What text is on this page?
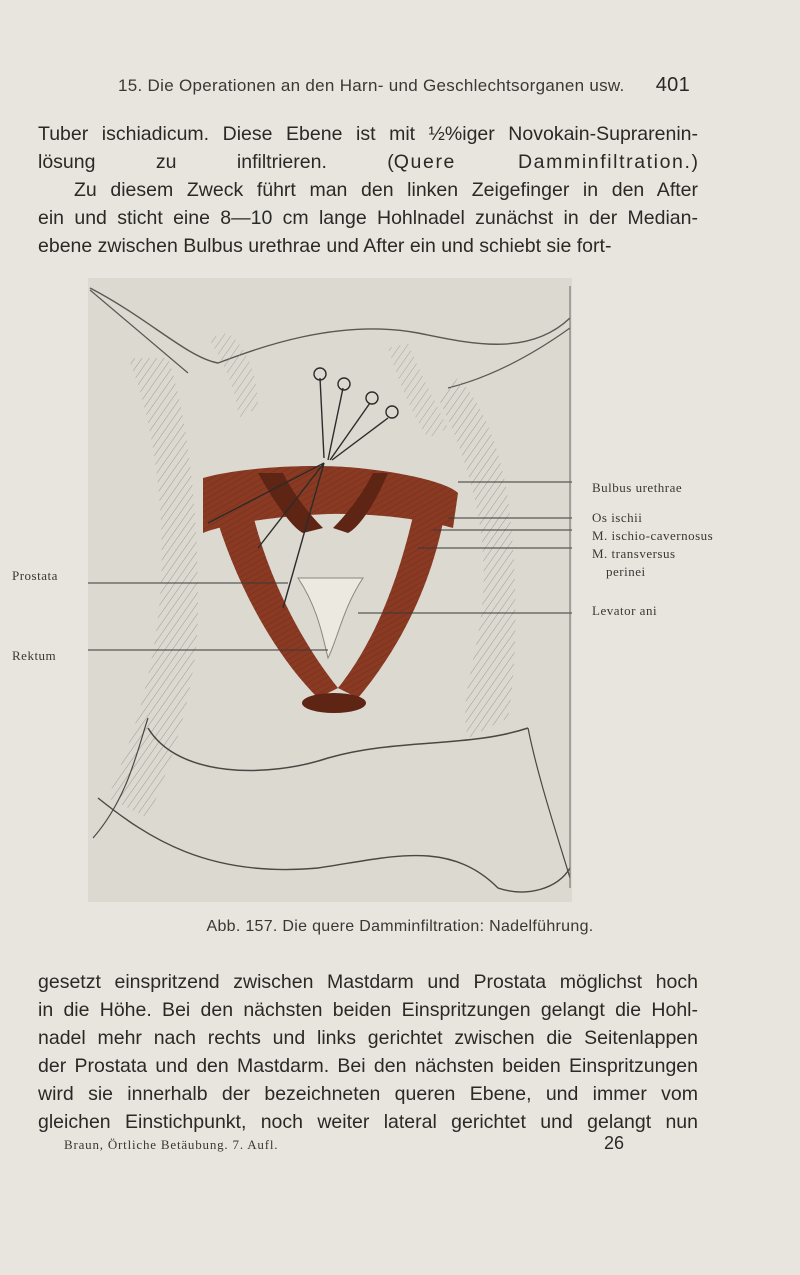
15. Die Operationen an den Harn- und Geschlechtsorganen usw. 401

Tuber ischiadicum. Diese Ebene ist mit ½%iger Novokain-Suprarenin-

lösung zu infiltrieren. (Quere Damminfiltration.)

Zu diesem Zweck führt man den linken Zeigefinger in den After

ein und sticht eine 8—10 cm lange Hohlnadel zunächst in der Median-

ebene zwischen Bulbus urethrae und After ein und schiebt sie fort-

Bulbus urethrae
Os ischii
M. ischio-cavernosus
M. transversus
perinei
Levator ani
Prostata
Rektum
Abb. 157. Die quere Damminfiltration: Nadelführung.

gesetzt einspritzend zwischen Mastdarm und Prostata möglichst hoch

in die Höhe. Bei den nächsten beiden Einspritzungen gelangt die Hohl-

nadel mehr nach rechts und links gerichtet zwischen die Seitenlappen

der Prostata und den Mastdarm. Bei den nächsten beiden Einspritzungen

wird sie innerhalb der bezeichneten queren Ebene, und immer vom

gleichen Einstichpunkt, noch weiter lateral gerichtet und gelangt nun

Braun, Örtliche Betäubung. 7. Aufl.	26
